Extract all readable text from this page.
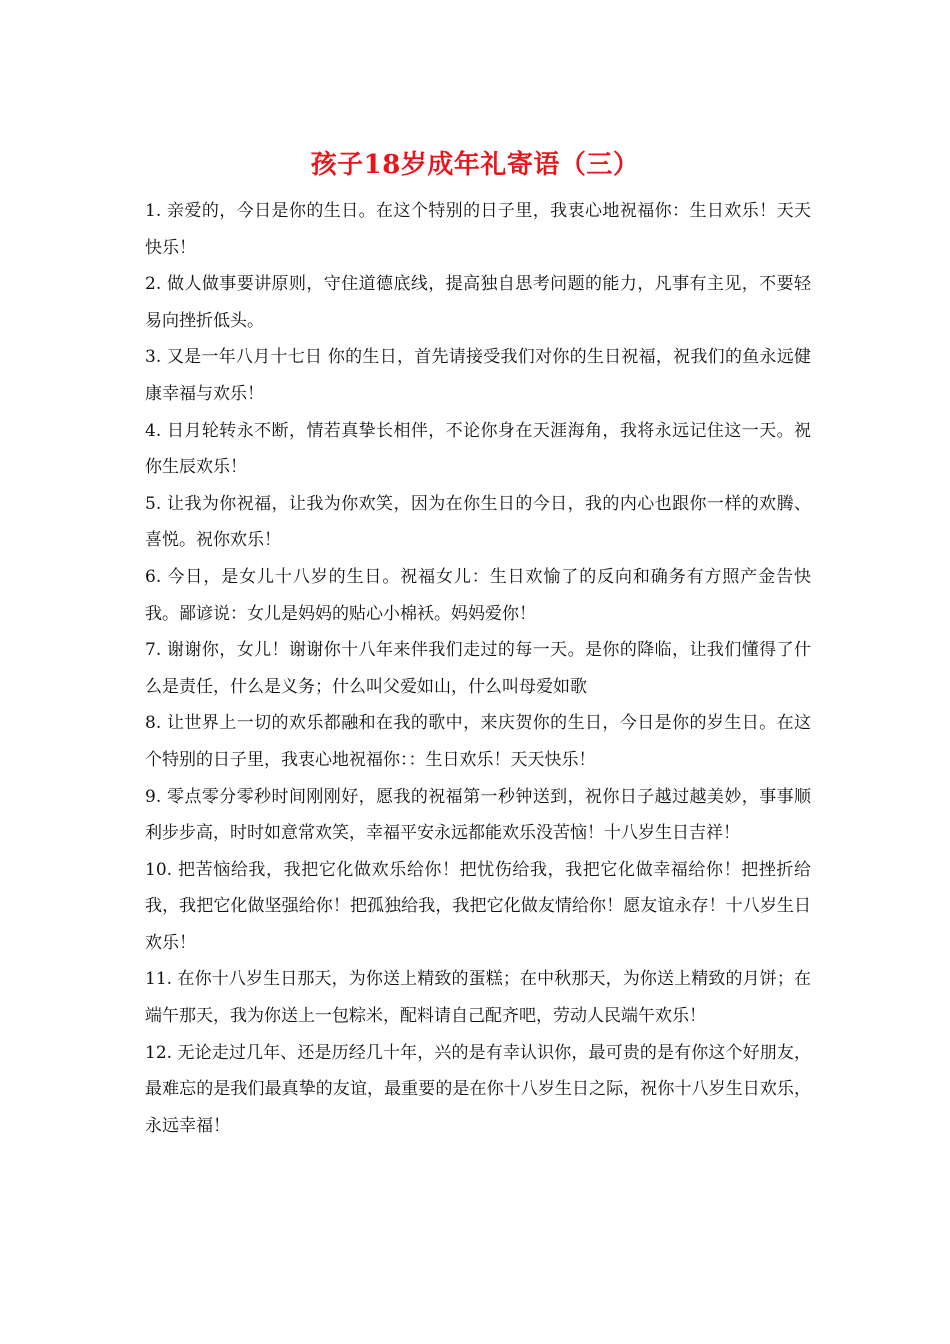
孩子18岁成年礼寄语（三）

1. 亲爱的，今日是你的生日。在这个特别的日子里，我衷心地祝福你：生日欢乐！天天快乐！

2. 做人做事要讲原则，守住道德底线，提高独自思考问题的能力，凡事有主见，不要轻易向挫折低头。

3. 又是一年八月十七日 你的生日，首先请接受我们对你的生日祝福，祝我们的鱼永远健康幸福与欢乐！

4. 日月轮转永不断，情若真挚长相伴，不论你身在天涯海角，我将永远记住这一天。祝你生辰欢乐！

5. 让我为你祝福，让我为你欢笑，因为在你生日的今日，我的内心也跟你一样的欢腾、喜悦。祝你欢乐！

6. 今日，是女儿十八岁的生日。祝福女儿：生日欢愉了的反向和确务有方照产金告快我。鄙谚说：女儿是妈妈的贴心小棉袄。妈妈爱你！

7. 谢谢你，女儿！谢谢你十八年来伴我们走过的每一天。是你的降临，让我们懂得了什么是责任，什么是义务；什么叫父爱如山，什么叫母爱如歌

8. 让世界上一切的欢乐都融和在我的歌中，来庆贺你的生日，今日是你的岁生日。在这个特别的日子里，我衷心地祝福你：：生日欢乐！天天快乐！

9. 零点零分零秒时间刚刚好，愿我的祝福第一秒钟送到，祝你日子越过越美妙，事事顺利步步高，时时如意常欢笑，幸福平安永远都能欢乐没苦恼！十八岁生日吉祥！

10. 把苦恼给我，我把它化做欢乐给你！把忧伤给我，我把它化做幸福给你！把挫折给我，我把它化做坚强给你！把孤独给我，我把它化做友情给你！愿友谊永存！十八岁生日欢乐！

11. 在你十八岁生日那天，为你送上精致的蛋糕；在中秋那天，为你送上精致的月饼；在端午那天，我为你送上一包粽米，配料请自己配齐吧，劳动人民端午欢乐！

12. 无论走过几年、还是历经几十年，兴的是有幸认识你，最可贵的是有你这个好朋友，最难忘的是我们最真挚的友谊，最重要的是在你十八岁生日之际，祝你十八岁生日欢乐，永远幸福！
